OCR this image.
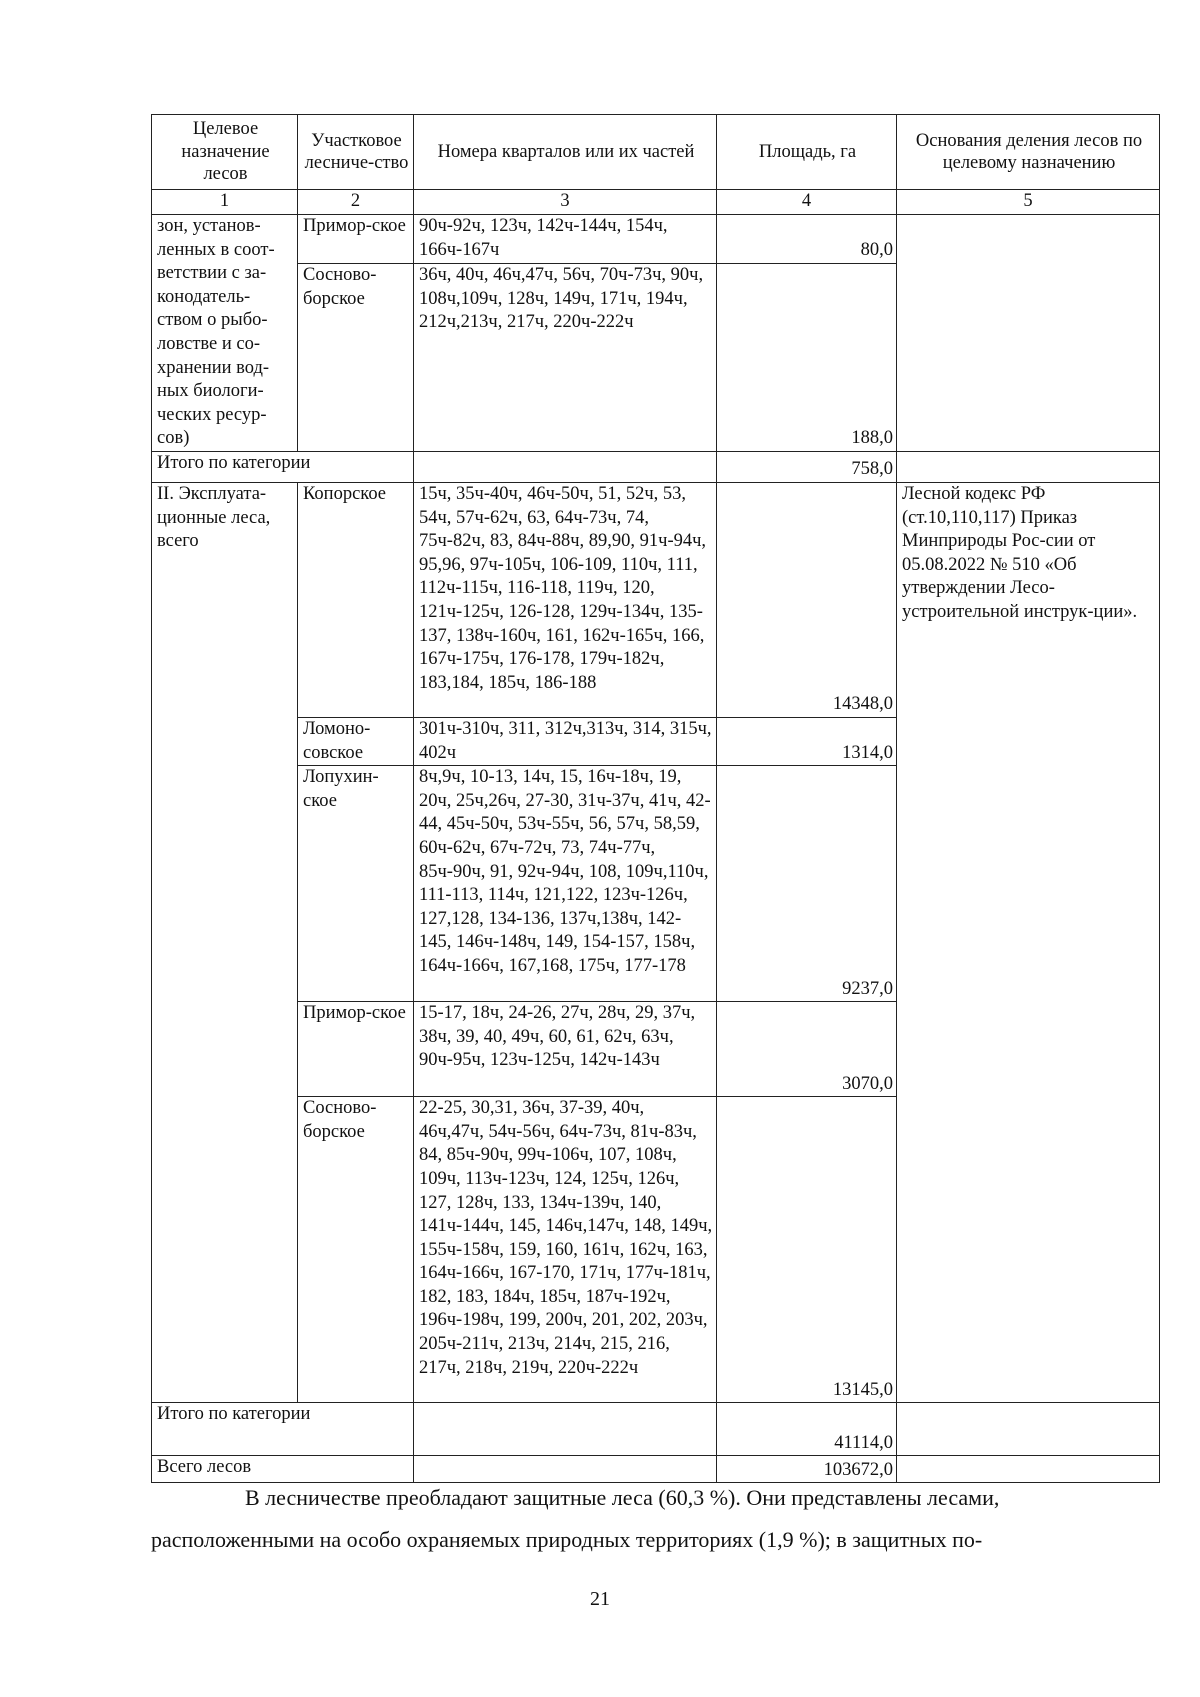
Целевое назначение лесов	Участковое лесниче-ство	Номера кварталов или их частей	Площадь, га	Основания деления лесов по целевому назначению
1	2	3	4	5
зон, установ-ленных в соот-ветствии с за-конодатель-ством о рыбо-ловстве и со-хранении вод-ных биологи-ческих ресур-сов)	Примор-ское	90ч-92ч, 123ч, 142ч-144ч, 154ч, 166ч-167ч	80,0	
	Сосново-борское	36ч, 40ч, 46ч,47ч, 56ч, 70ч-73ч, 90ч, 108ч,109ч, 128ч, 149ч, 171ч, 194ч, 212ч,213ч, 217ч, 220ч-222ч	188,0	
Итого по категории			758,0	
II. Эксплуата-ционные леса, всего	Копорское	15ч, 35ч-40ч, 46ч-50ч, 51, 52ч, 53, 54ч, 57ч-62ч, 63, 64ч-73ч, 74, 75ч-82ч, 83, 84ч-88ч, 89,90, 91ч-94ч, 95,96, 97ч-105ч, 106-109, 110ч, 111, 112ч-115ч, 116-118, 119ч, 120, 121ч-125ч, 126-128, 129ч-134ч, 135-137, 138ч-160ч, 161, 162ч-165ч, 166, 167ч-175ч, 176-178, 179ч-182ч, 183,184, 185ч, 186-188	14348,0	Лесной кодекс РФ (ст.10,110,117) Приказ Минприроды Рос-сии от 05.08.2022 № 510 «Об утверждении Лесо-устроительной инструк-ции».
	Ломоно-совское	301ч-310ч, 311, 312ч,313ч, 314, 315ч, 402ч	1314,0	
	Лопухин-ское	8ч,9ч, 10-13, 14ч, 15, 16ч-18ч, 19, 20ч, 25ч,26ч, 27-30, 31ч-37ч, 41ч, 42-44, 45ч-50ч, 53ч-55ч, 56, 57ч, 58,59, 60ч-62ч, 67ч-72ч, 73, 74ч-77ч, 85ч-90ч, 91, 92ч-94ч, 108, 109ч,110ч, 111-113, 114ч, 121,122, 123ч-126ч, 127,128, 134-136, 137ч,138ч, 142-145, 146ч-148ч, 149, 154-157, 158ч, 164ч-166ч, 167,168, 175ч, 177-178	9237,0	
	Примор-ское	15-17, 18ч, 24-26, 27ч, 28ч, 29, 37ч, 38ч, 39, 40, 49ч, 60, 61, 62ч, 63ч, 90ч-95ч, 123ч-125ч, 142ч-143ч	3070,0	
	Сосново-борское	22-25, 30,31, 36ч, 37-39, 40ч, 46ч,47ч, 54ч-56ч, 64ч-73ч, 81ч-83ч, 84, 85ч-90ч, 99ч-106ч, 107, 108ч, 109ч, 113ч-123ч, 124, 125ч, 126ч, 127, 128ч, 133, 134ч-139ч, 140, 141ч-144ч, 145, 146ч,147ч, 148, 149ч, 155ч-158ч, 159, 160, 161ч, 162ч, 163, 164ч-166ч, 167-170, 171ч, 177ч-181ч, 182, 183, 184ч, 185ч, 187ч-192ч, 196ч-198ч, 199, 200ч, 201, 202, 203ч, 205ч-211ч, 213ч, 214ч, 215, 216, 217ч, 218ч, 219ч, 220ч-222ч	13145,0	
Итого по категории			41114,0	
Всего лесов			103672,0	
В лесничестве преобладают защитные леса (60,3 %). Они представлены лесами,
расположенными на особо охраняемых природных территориях (1,9 %); в защитных по-
21
